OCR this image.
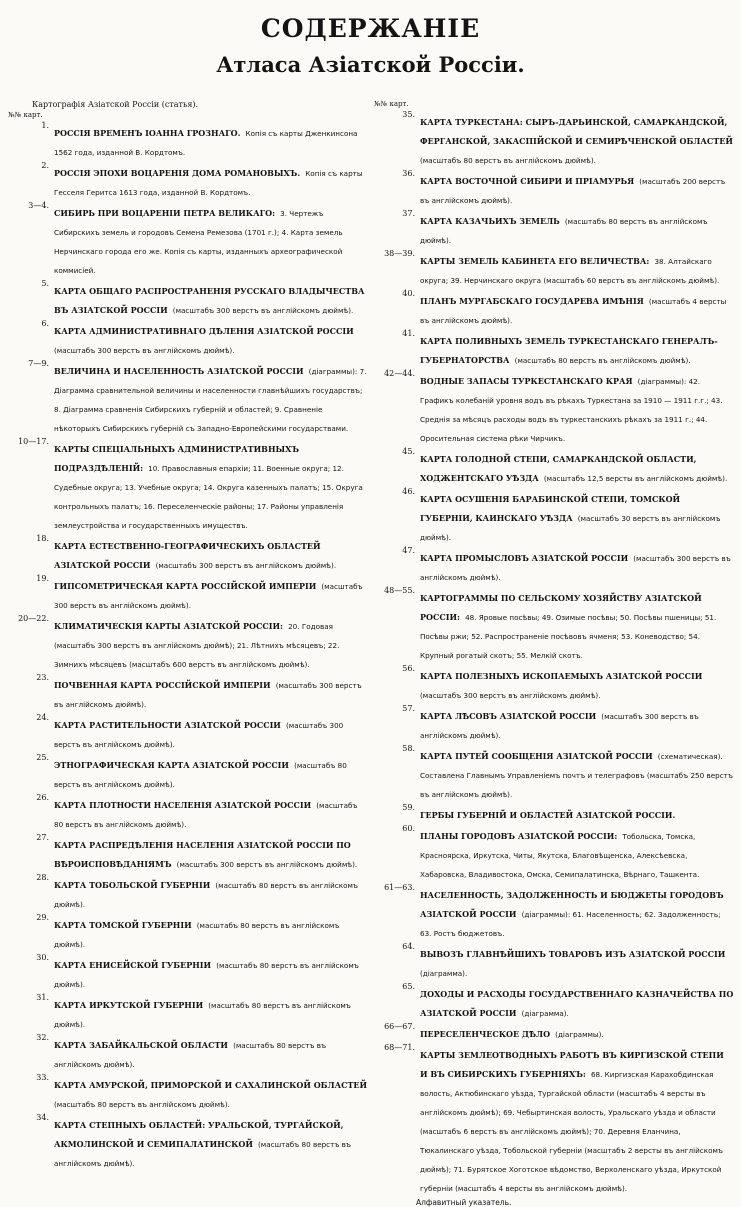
СОДЕРЖАНІЕ
Атласа Азіатской Россіи.
Картографія Азіатской Россіи (статья).
№№ карт.
1.
РОССІЯ ВРЕМЕНЪ ІОАННА ГРОЗНАГО. Копія съ карты Дженкинсона 1562 года, изданной В. Кордтомъ.
2.
РОССІЯ ЭПОХИ ВОЦАРЕНІЯ ДОМА РОМАНОВЫХЪ. Копія съ карты Гесселя Геритса 1613 года, изданной В. Кордтомъ.
3—4.
СИБИРЬ ПРИ ВОЦАРЕНІИ ПЕТРА ВЕЛИКАГО: 3. Чертежъ Сибирскихъ земель и городовъ Семена Ремезова (1701 г.); 4. Карта земель Нерчинскаго города его же. Копія съ карты, изданныхъ археографической коммисіей.
5.
КАРТА ОБЩАГО РАСПРОСТРАНЕНІЯ РУССКАГО ВЛАДЫЧЕСТВА ВЪ АЗІАТСКОЙ РОССІИ (масштабъ 300 верстъ въ англійскомъ дюймѣ).
6.
КАРТА АДМИНИСТРАТИВНАГО ДѢЛЕНІЯ АЗІАТСКОЙ РОССІИ (масштабъ 300 верстъ въ англійскомъ дюймѣ).
7—9.
ВЕЛИЧИНА И НАСЕЛЕННОСТЬ АЗІАТСКОЙ РОССІИ (діаграммы): 7. Діаграмма сравнительной величины и населенности главнѣйшихъ государствъ; 8. Діаграмма сравненія Сибирскихъ губерній и областей; 9. Сравненіе нѣкоторыхъ Сибирскихъ губерній съ Западно-Европейскими государствами.
10—17.
КАРТЫ СПЕЦІАЛЬНЫХЪ АДМИНИСТРАТИВНЫХЪ ПОДРАЗДѢЛЕНІЙ: 10. Православныя епархіи; 11. Военные округа; 12. Судебные округа; 13. Учебные округа; 14. Округа казенныхъ палатъ; 15. Округа контрольныхъ палатъ; 16. Переселенческіе районы; 17. Районы управленія землеустройства и государственныхъ имуществъ.
18.
КАРТА ЕСТЕСТВЕННО-ГЕОГРАФИЧЕСКИХЪ ОБЛАСТЕЙ АЗІАТСКОЙ РОССІИ (масштабъ 300 верстъ въ англійскомъ дюймѣ).
19.
ГИПСОМЕТРИЧЕСКАЯ КАРТА РОССІЙСКОЙ ИМПЕРІИ (масштабъ 300 верстъ въ англійскомъ дюймѣ).
20—22.
КЛИМАТИЧЕСКІЯ КАРТЫ АЗІАТСКОЙ РОССІИ: 20. Годовая (масштабъ 300 верстъ въ англійскомъ дюймѣ); 21. Лѣтнихъ мѣсяцевъ; 22. Зимнихъ мѣсяцевъ (масштабъ 600 верстъ въ англійскомъ дюймѣ).
23.
ПОЧВЕННАЯ КАРТА РОССІЙСКОЙ ИМПЕРІИ (масштабъ 300 верстъ въ англійскомъ дюймѣ).
24.
КАРТА РАСТИТЕЛЬНОСТИ АЗІАТСКОЙ РОССІИ (масштабъ 300 верстъ въ англійскомъ дюймѣ).
25.
ЭТНОГРАФИЧЕСКАЯ КАРТА АЗІАТСКОЙ РОССІИ (масштабъ 80 верстъ въ англійскомъ дюймѣ).
26.
КАРТА ПЛОТНОСТИ НАСЕЛЕНІЯ АЗІАТСКОЙ РОССІИ (масштабъ 80 верстъ въ англійскомъ дюймѣ).
27.
КАРТА РАСПРЕДѢЛЕНІЯ НАСЕЛЕНІЯ АЗІАТСКОЙ РОССІИ ПО ВѢРОИСПОВѢДАНІЯМЪ (масштабъ 300 верстъ въ англійскомъ дюймѣ).
28.
КАРТА ТОБОЛЬСКОЙ ГУБЕРНІИ (масштабъ 80 верстъ въ англійскомъ дюймѣ).
29.
КАРТА ТОМСКОЙ ГУБЕРНІИ (масштабъ 80 верстъ въ англійскомъ дюймѣ).
30.
КАРТА ЕНИСЕЙСКОЙ ГУБЕРНІИ (масштабъ 80 верстъ въ англійскомъ дюймѣ).
31.
КАРТА ИРКУТСКОЙ ГУБЕРНІИ (масштабъ 80 верстъ въ англійскомъ дюймѣ).
32.
КАРТА ЗАБАЙКАЛЬСКОЙ ОБЛАСТИ (масштабъ 80 верстъ въ англійскомъ дюймѣ).
33.
КАРТА АМУРСКОЙ, ПРИМОРСКОЙ И САХАЛИНСКОЙ ОБЛАСТЕЙ (масштабъ 80 верстъ въ англійскомъ дюймѣ).
34.
КАРТА СТЕПНЫХЪ ОБЛАСТЕЙ: УРАЛЬСКОЙ, ТУРГАЙСКОЙ, АКМОЛИНСКОЙ И СЕМИПАЛАТИНСКОЙ (масштабъ 80 верстъ въ англійскомъ дюймѣ).
№№ карт.
35.
КАРТА ТУРКЕСТАНА: СЫРЪ-ДАРЬИНСКОЙ, САМАРКАНДСКОЙ, ФЕРГАНСКОЙ, ЗАКАСПІЙСКОЙ И СЕМИРѢЧЕНСКОЙ ОБЛАСТЕЙ (масштабъ 80 верстъ въ англійскомъ дюймѣ).
36.
КАРТА ВОСТОЧНОЙ СИБИРИ И ПРІАМУРЬЯ (масштабъ 200 верстъ въ англійскомъ дюймѣ).
37.
КАРТА КАЗАЧЬИХЪ ЗЕМЕЛЬ (масштабъ 80 верстъ въ англійскомъ дюймѣ).
38—39.
КАРТЫ ЗЕМЕЛЬ КАБИНЕТА ЕГО ВЕЛИЧЕСТВА: 38. Алтайскаго округа; 39. Нерчинскаго округа (масштабъ 60 верстъ въ англійскомъ дюймѣ).
40.
ПЛАНЪ МУРГАБСКАГО ГОСУДАРЕВА ИМѢНІЯ (масштабъ 4 версты въ англійскомъ дюймѣ).
41.
КАРТА ПОЛИВНЫХЪ ЗЕМЕЛЬ ТУРКЕСТАНСКАГО ГЕНЕРАЛЪ-ГУБЕРНАТОРСТВА (масштабъ 80 верстъ въ англійскомъ дюймѣ).
42—44.
ВОДНЫЕ ЗАПАСЫ ТУРКЕСТАНСКАГО КРАЯ (діаграммы): 42. Графикъ колебаній уровня водъ въ рѣкахъ Туркестана за 1910 — 1911 г.г.; 43. Среднія за мѣсяцъ расходы водъ въ туркестанскихъ рѣкахъ за 1911 г.; 44. Оросительная система рѣки Чирчикъ.
45.
КАРТА ГОЛОДНОЙ СТЕПИ, САМАРКАНДСКОЙ ОБЛАСТИ, ХОДЖЕНТСКАГО УѢЗДА (масштабъ 12,5 версты въ англійскомъ дюймѣ).
46.
КАРТА ОСУШЕНІЯ БАРАБИНСКОЙ СТЕПИ, ТОМСКОЙ ГУБЕРНІИ, КАИНСКАГО УѢЗДА (масштабъ 30 верстъ въ англійскомъ дюймѣ).
47.
КАРТА ПРОМЫСЛОВЪ АЗІАТСКОЙ РОССІИ (масштабъ 300 верстъ въ англійскомъ дюймѣ).
48—55.
КАРТОГРАММЫ ПО СЕЛЬСКОМУ ХОЗЯЙСТВУ АЗІАТСКОЙ РОССІИ: 48. Яровые посѣвы; 49. Озимые посѣвы; 50. Посѣвы пшеницы; 51. Посѣвы ржи; 52. Распространеніе посѣвовъ ячменя; 53. Коневодство; 54. Крупный рогатый скотъ; 55. Мелкій скотъ.
56.
КАРТА ПОЛЕЗНЫХЪ ИСКОПАЕМЫХЪ АЗІАТСКОЙ РОССІИ (масштабъ 300 верстъ въ англійскомъ дюймѣ).
57.
КАРТА ЛѢСОВЪ АЗІАТСКОЙ РОССІИ (масштабъ 300 верстъ въ англійскомъ дюймѣ).
58.
КАРТА ПУТЕЙ СООБЩЕНІЯ АЗІАТСКОЙ РОССІИ (схематическая). Составлена Главнымъ Управленіемъ почтъ и телеграфовъ (масштабъ 250 верстъ въ англійскомъ дюймѣ).
59.
ГЕРБЫ ГУБЕРНІЙ И ОБЛАСТЕЙ АЗІАТСКОЙ РОССІИ.
60.
ПЛАНЫ ГОРОДОВЪ АЗІАТСКОЙ РОССІИ: Тобольска, Томска, Красноярска, Иркутска, Читы, Якутска, Благовѣщенска, Алексѣевска, Хабаровска, Владивостока, Омска, Семипалатинска, Вѣрнаго, Ташкента.
61—63.
НАСЕЛЕННОСТЬ, ЗАДОЛЖЕННОСТЬ И БЮДЖЕТЫ ГОРОДОВЪ АЗІАТСКОЙ РОССІИ (діаграммы): 61. Населенность; 62. Задолженность; 63. Ростъ бюджетовъ.
64.
ВЫВОЗЪ ГЛАВНѢЙШИХЪ ТОВАРОВЪ ИЗЪ АЗІАТСКОЙ РОССІИ (діаграмма).
65.
ДОХОДЫ И РАСХОДЫ ГОСУДАРСТВЕННАГО КАЗНАЧЕЙСТВА ПО АЗІАТСКОЙ РОССІИ (діаграмма).
66—67.
ПЕРЕСЕЛЕНЧЕСКОЕ ДѢЛО (діаграммы).
68—71.
КАРТЫ ЗЕМЛЕОТВОДНЫХЪ РАБОТЪ ВЪ КИРГИЗСКОЙ СТЕПИ И ВЪ СИБИРСКИХЪ ГУБЕРНІЯХЪ: 68. Киргизская Карахобдинская волость, Актюбинскаго уѣзда, Тургайской области (масштабъ 4 версты въ англійскомъ дюймѣ); 69. Чебыртинская волость, Уральскаго уѣзда и области (масштабъ 6 верстъ въ англійскомъ дюймѣ); 70. Деревня Еланчина, Тюкалинскаго уѣзда, Тобольской губерніи (масштабъ 2 версты въ англійскомъ дюймѣ); 71. Бурятское Хоготское вѣдомство, Верхоленскаго уѣзда, Иркутской губерніи (масштабъ 4 версты въ англійскомъ дюймѣ).
Алфавитный указатель.
